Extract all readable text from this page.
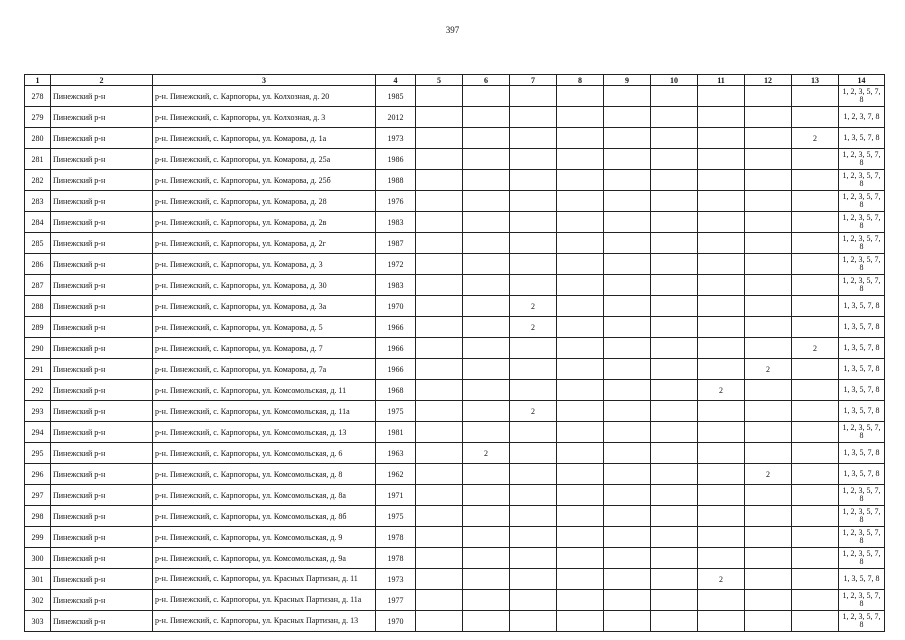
397
1	2	3	4	5	6	7	8	9	10	11	12	13	14
278	Пинежский р-н	р-н. Пинежский, с. Карпогоры, ул. Колхозная, д. 20	1985										1, 2, 3, 5, 7, 8
279	Пинежский р-н	р-н. Пинежский, с. Карпогоры, ул. Колхозная, д. 3	2012										1, 2, 3, 7, 8
280	Пинежский р-н	р-н. Пинежский, с. Карпогоры, ул. Комарова, д. 1а	1973									2	1, 3, 5, 7, 8
281	Пинежский р-н	р-н. Пинежский, с. Карпогоры, ул. Комарова, д. 25а	1986										1, 2, 3, 5, 7, 8
282	Пинежский р-н	р-н. Пинежский, с. Карпогоры, ул. Комарова, д. 25б	1988										1, 2, 3, 5, 7, 8
283	Пинежский р-н	р-н. Пинежский, с. Карпогоры, ул. Комарова, д. 28	1976										1, 2, 3, 5, 7, 8
284	Пинежский р-н	р-н. Пинежский, с. Карпогоры, ул. Комарова, д. 2в	1983										1, 2, 3, 5, 7, 8
285	Пинежский р-н	р-н. Пинежский, с. Карпогоры, ул. Комарова, д. 2г	1987										1, 2, 3, 5, 7, 8
286	Пинежский р-н	р-н. Пинежский, с. Карпогоры, ул. Комарова, д. 3	1972										1, 2, 3, 5, 7, 8
287	Пинежский р-н	р-н. Пинежский, с. Карпогоры, ул. Комарова, д. 30	1983										1, 2, 3, 5, 7, 8
288	Пинежский р-н	р-н. Пинежский, с. Карпогоры, ул. Комарова, д. 3а	1970			2							1, 3, 5, 7, 8
289	Пинежский р-н	р-н. Пинежский, с. Карпогоры, ул. Комарова, д. 5	1966			2							1, 3, 5, 7, 8
290	Пинежский р-н	р-н. Пинежский, с. Карпогоры, ул. Комарова, д. 7	1966									2	1, 3, 5, 7, 8
291	Пинежский р-н	р-н. Пинежский, с. Карпогоры, ул. Комарова, д. 7а	1966								2		1, 3, 5, 7, 8
292	Пинежский р-н	р-н. Пинежский, с. Карпогоры, ул. Комсомольская, д. 11	1968							2			1, 3, 5, 7, 8
293	Пинежский р-н	р-н. Пинежский, с. Карпогоры, ул. Комсомольская, д. 11а	1975			2							1, 3, 5, 7, 8
294	Пинежский р-н	р-н. Пинежский, с. Карпогоры, ул. Комсомольская, д. 13	1981										1, 2, 3, 5, 7, 8
295	Пинежский р-н	р-н. Пинежский, с. Карпогоры, ул. Комсомольская, д. 6	1963		2								1, 3, 5, 7, 8
296	Пинежский р-н	р-н. Пинежский, с. Карпогоры, ул. Комсомольская, д. 8	1962								2		1, 3, 5, 7, 8
297	Пинежский р-н	р-н. Пинежский, с. Карпогоры, ул. Комсомольская, д. 8а	1971										1, 2, 3, 5, 7, 8
298	Пинежский р-н	р-н. Пинежский, с. Карпогоры, ул. Комсомольская, д. 8б	1975										1, 2, 3, 5, 7, 8
299	Пинежский р-н	р-н. Пинежский, с. Карпогоры, ул. Комсомольская, д. 9	1978										1, 2, 3, 5, 7, 8
300	Пинежский р-н	р-н. Пинежский, с. Карпогоры, ул. Комсомольская, д. 9а	1978										1, 2, 3, 5, 7, 8
301	Пинежский р-н	р-н. Пинежский, с. Карпогоры, ул. Красных Партизан, д. 11	1973							2			1, 3, 5, 7, 8
302	Пинежский р-н	р-н. Пинежский, с. Карпогоры, ул. Красных Партизан, д. 11а	1977										1, 2, 3, 5, 7, 8
303	Пинежский р-н	р-н. Пинежский, с. Карпогоры, ул. Красных Партизан, д. 13	1970										1, 2, 3, 5, 7, 8
